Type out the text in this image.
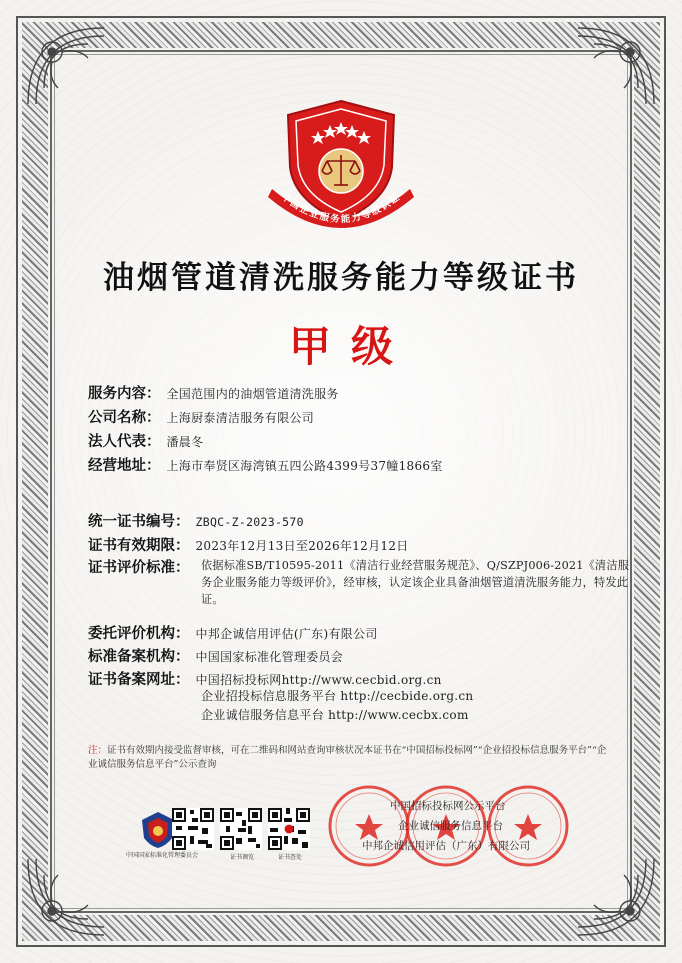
中国企业服务能力等级认证
油烟管道清洗服务能力等级证书
甲级
服务内容： 全国范围内的油烟管道清洗服务
公司名称： 上海厨泰清洁服务有限公司
法人代表： 潘晨冬
经营地址： 上海市奉贤区海湾镇五四公路4399号37幢1866室
统一证书编号： ZBQC-Z-2023-570
证书有效期限： 2023年12月13日至2026年12月12日
证书评价标准： 依据标准SB/T10595-2011《清洁行业经营服务规范》、Q/SZPJ006-2021《清洁服务企业服务能力等级评价》，经审核，认定该企业具备油烟管道清洗服务能力，特发此证。
委托评价机构： 中邦企诚信用评估(广东)有限公司
标准备案机构： 中国国家标准化管理委员会
证书备案网址： 中国招标投标网http://www.cecbid.org.cn
企业招投标信息服务平台 http://cecbide.org.cn
企业诚信服务信息平台 http://www.cecbx.com
注：证书有效期内接受监督审核，可在二维码和网站查询审核状况本证书在“中国招标投标网”“企业招投标信息服务平台”“企业诚信服务信息平台”公示查询
中国国家标准化管理委员会	证书调览	证书查处
中国招标投标网公示平台
企业诚信服务信息平台
中邦企诚信用评估（广东）有限公司
